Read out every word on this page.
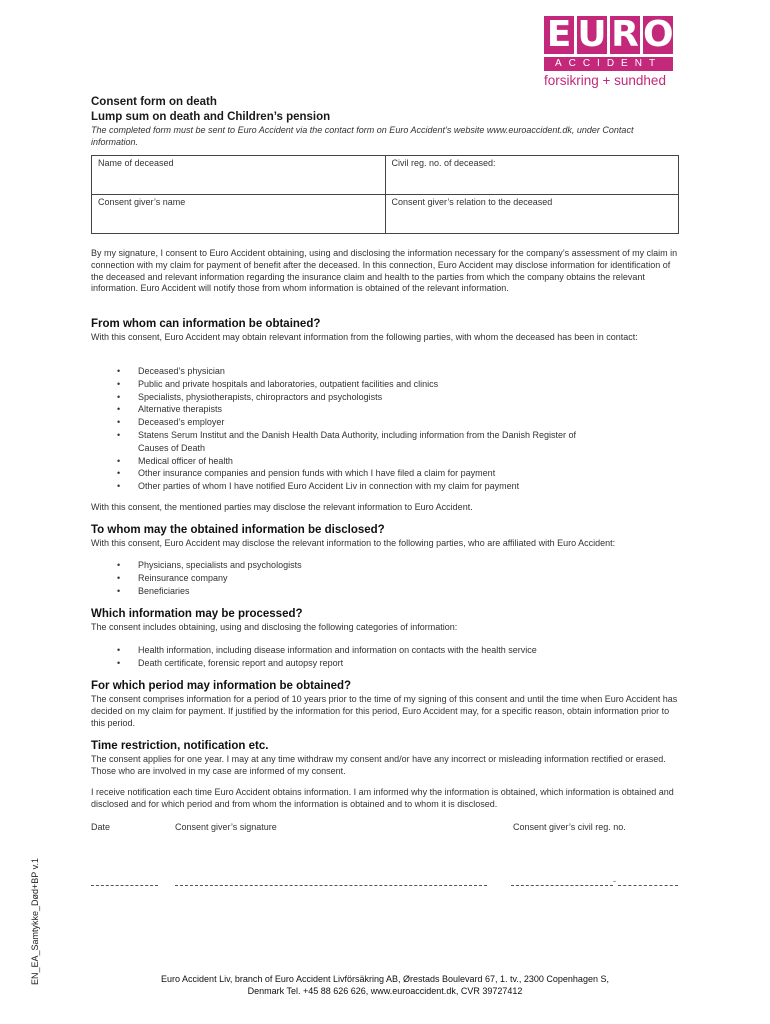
E U R O
ACCIDENT
forsikring + sundhed
Consent form on death
Lump sum on death and Children’s pension
The completed form must be sent to Euro Accident via the contact form on Euro Accident’s website www.euroaccident.dk, under Contact information.
Name of deceased	Civil reg. no. of deceased:
Consent giver’s name	Consent giver’s relation to the deceased
By my signature, I consent to Euro Accident obtaining, using and disclosing the information necessary for the company’s assessment of my claim in connection with my claim for payment of benefit after the deceased. In this connection, Euro Accident may disclose information for identification of the deceased and relevant information regarding the insurance claim and health to the parties from which the company obtains the relevant information. Euro Accident will notify those from whom information is obtained of the relevant information.
From whom can information be obtained?
With this consent, Euro Accident may obtain relevant information from the following parties, with whom the deceased has been in contact:
• Deceased’s physician
• Public and private hospitals and laboratories, outpatient facilities and clinics
• Specialists, physiotherapists, chiropractors and psychologists
• Alternative therapists
• Deceased’s employer
• Statens Serum Institut and the Danish Health Data Authority, including information from the Danish Register of Causes of Death
• Medical officer of health
• Other insurance companies and pension funds with which I have filed a claim for payment
• Other parties of whom I have notified Euro Accident Liv in connection with my claim for payment
With this consent, the mentioned parties may disclose the relevant information to Euro Accident.
To whom may the obtained information be disclosed?
With this consent, Euro Accident may disclose the relevant information to the following parties, who are affiliated with Euro Accident:
• Physicians, specialists and psychologists
• Reinsurance company
• Beneficiaries
Which information may be processed?
The consent includes obtaining, using and disclosing the following categories of information:
• Health information, including disease information and information on contacts with the health service
• Death certificate, forensic report and autopsy report
For which period may information be obtained?
The consent comprises information for a period of 10 years prior to the time of my signing of this consent and until the time when Euro Accident has decided on my claim for payment. If justified by the information for this period, Euro Accident may, for a specific reason, obtain information prior to this period.
Time restriction, notification etc.
The consent applies for one year. I may at any time withdraw my consent and/or have any incorrect or misleading information rectified or erased. Those who are involved in my case are informed of my consent.
I receive notification each time Euro Accident obtains information. I am informed why the information is obtained, which information is obtained and disclosed and for which period and from whom the information is obtained and to whom it is disclosed.
Date	Consent giver’s signature	Consent giver’s civil reg. no.
-
EN_EA_Samtykke_Død+BP v.1	Euro Accident Liv, branch of Euro Accident Livförsäkring AB, Ørestads Boulevard 67, 1. tv., 2300 Copenhagen S,
Denmark Tel. +45 88 626 626, www.euroaccident.dk, CVR 39727412
